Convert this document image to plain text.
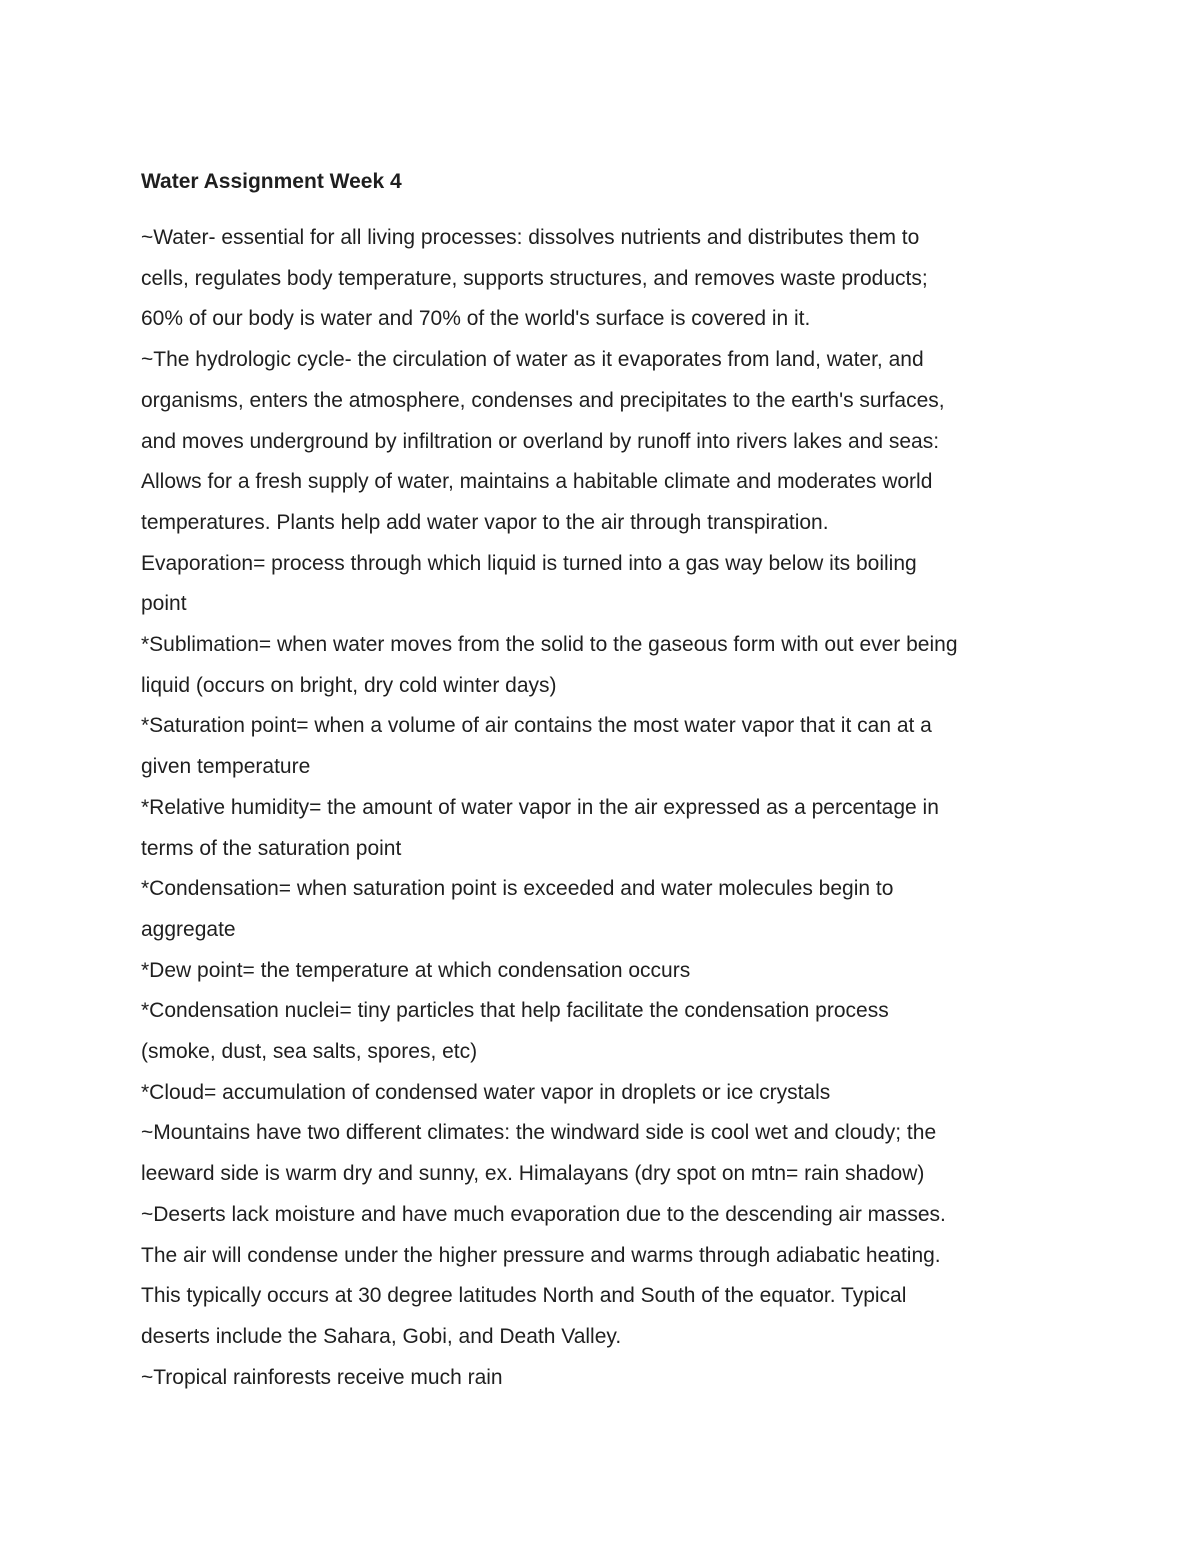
Water Assignment Week 4

~Water- essential for all living processes: dissolves nutrients and distributes them to

cells, regulates body temperature, supports structures, and removes waste products;

60% of our body is water and 70% of the world's surface is covered in it.

~The hydrologic cycle- the circulation of water as it evaporates from land, water, and

organisms, enters the atmosphere, condenses and precipitates to the earth's surfaces,

and moves underground by infiltration or overland by runoff into rivers lakes and seas:

Allows for a fresh supply of water, maintains a habitable climate and moderates world

temperatures. Plants help add water vapor to the air through transpiration.

Evaporation= process through which liquid is turned into a gas way below its boiling

point

*Sublimation= when water moves from the solid to the gaseous form with out ever being

liquid (occurs on bright, dry cold winter days)

*Saturation point= when a volume of air contains the most water vapor that it can at a

given temperature

*Relative humidity= the amount of water vapor in the air expressed as a percentage in

terms of the saturation point

*Condensation= when saturation point is exceeded and water molecules begin to

aggregate

*Dew point= the temperature at which condensation occurs

*Condensation nuclei= tiny particles that help facilitate the condensation process

(smoke, dust, sea salts, spores, etc)

*Cloud= accumulation of condensed water vapor in droplets or ice crystals

~Mountains have two different climates: the windward side is cool wet and cloudy; the

leeward side is warm dry and sunny, ex. Himalayans (dry spot on mtn= rain shadow)

~Deserts lack moisture and have much evaporation due to the descending air masses.

The air will condense under the higher pressure and warms through adiabatic heating.

This typically occurs at 30 degree latitudes North and South of the equator. Typical

deserts include the Sahara, Gobi, and Death Valley.

~Tropical rainforests receive much rain
